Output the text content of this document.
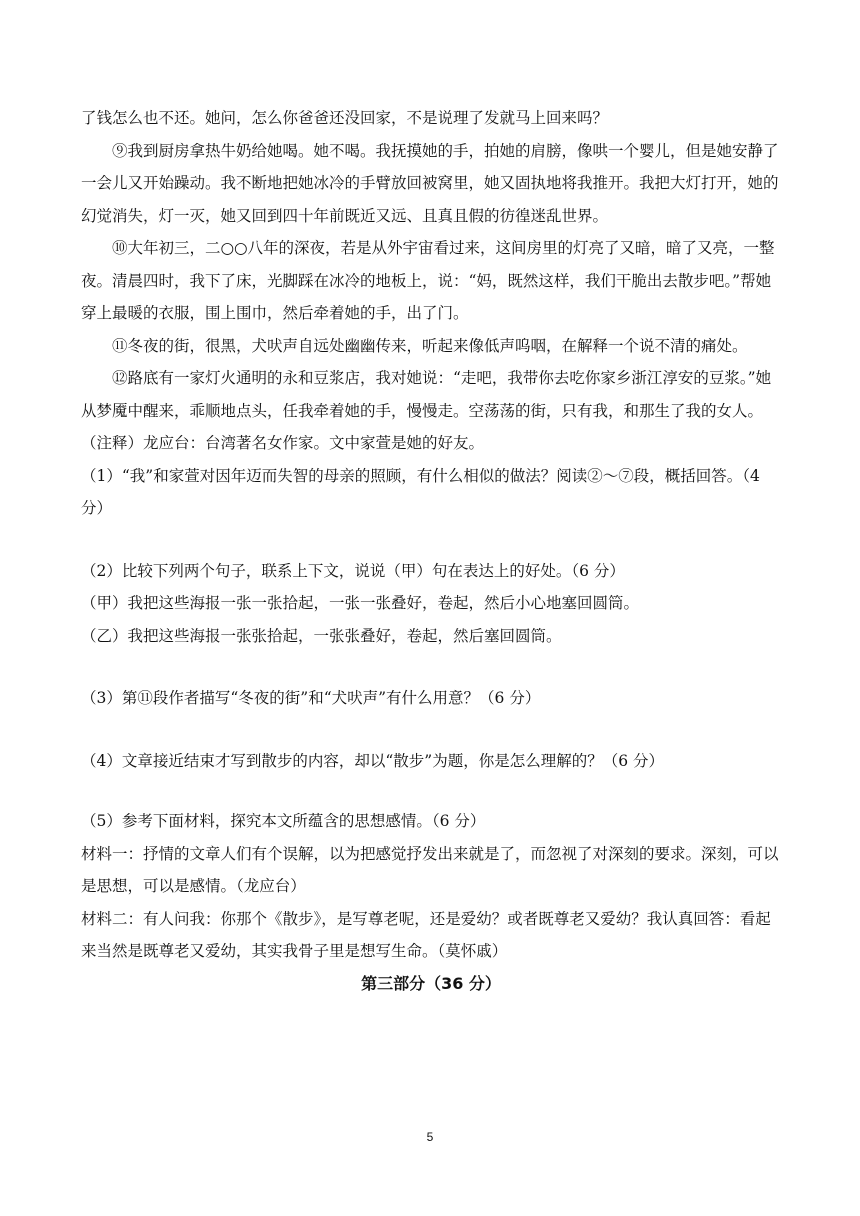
了钱怎么也不还。她问，怎么你爸爸还没回家，不是说理了发就马上回来吗？

⑨我到厨房拿热牛奶给她喝。她不喝。我抚摸她的手，拍她的肩膀，像哄一个婴儿，但是她安静了一会儿又开始躁动。我不断地把她冰冷的手臂放回被窝里，她又固执地将我推开。我把大灯打开，她的幻觉消失，灯一灭，她又回到四十年前既近又远、且真且假的彷徨迷乱世界。

⑩大年初三，二○○八年的深夜，若是从外宇宙看过来，这间房里的灯亮了又暗，暗了又亮，一整夜。清晨四时，我下了床，光脚踩在冰冷的地板上，说：“妈，既然这样，我们干脆出去散步吧。”帮她穿上最暖的衣服，围上围巾，然后牵着她的手，出了门。

⑪冬夜的街，很黑，犬吠声自远处幽幽传来，听起来像低声呜咽，在解释一个说不清的痛处。

⑫路底有一家灯火通明的永和豆浆店，我对她说：“走吧，我带你去吃你家乡浙江淳安的豆浆。”她从梦魇中醒来，乖顺地点头，任我牵着她的手，慢慢走。空荡荡的街，只有我，和那生了我的女人。

（注释）龙应台：台湾著名女作家。文中家萱是她的好友。

（1）“我”和家萱对因年迈而失智的母亲的照顾，有什么相似的做法？阅读②～⑦段，概括回答。（4 分）

（2）比较下列两个句子，联系上下文，说说（甲）句在表达上的好处。（6 分）

（甲）我把这些海报一张一张拾起，一张一张叠好，卷起，然后小心地塞回圆筒。

（乙）我把这些海报一张张拾起，一张张叠好，卷起，然后塞回圆筒。

（3）第⑪段作者描写“冬夜的街”和“犬吠声”有什么用意？（6 分）

（4）文章接近结束才写到散步的内容，却以“散步”为题，你是怎么理解的？（6 分）

（5）参考下面材料，探究本文所蕴含的思想感情。（6 分）

材料一：抒情的文章人们有个误解，以为把感觉抒发出来就是了，而忽视了对深刻的要求。深刻，可以是思想，可以是感情。（龙应台）

材料二：有人问我：你那个《散步》，是写尊老呢，还是爱幼？或者既尊老又爱幼？我认真回答：看起来当然是既尊老又爱幼，其实我骨子里是想写生命。（莫怀戚）

第三部分（36 分）

5
